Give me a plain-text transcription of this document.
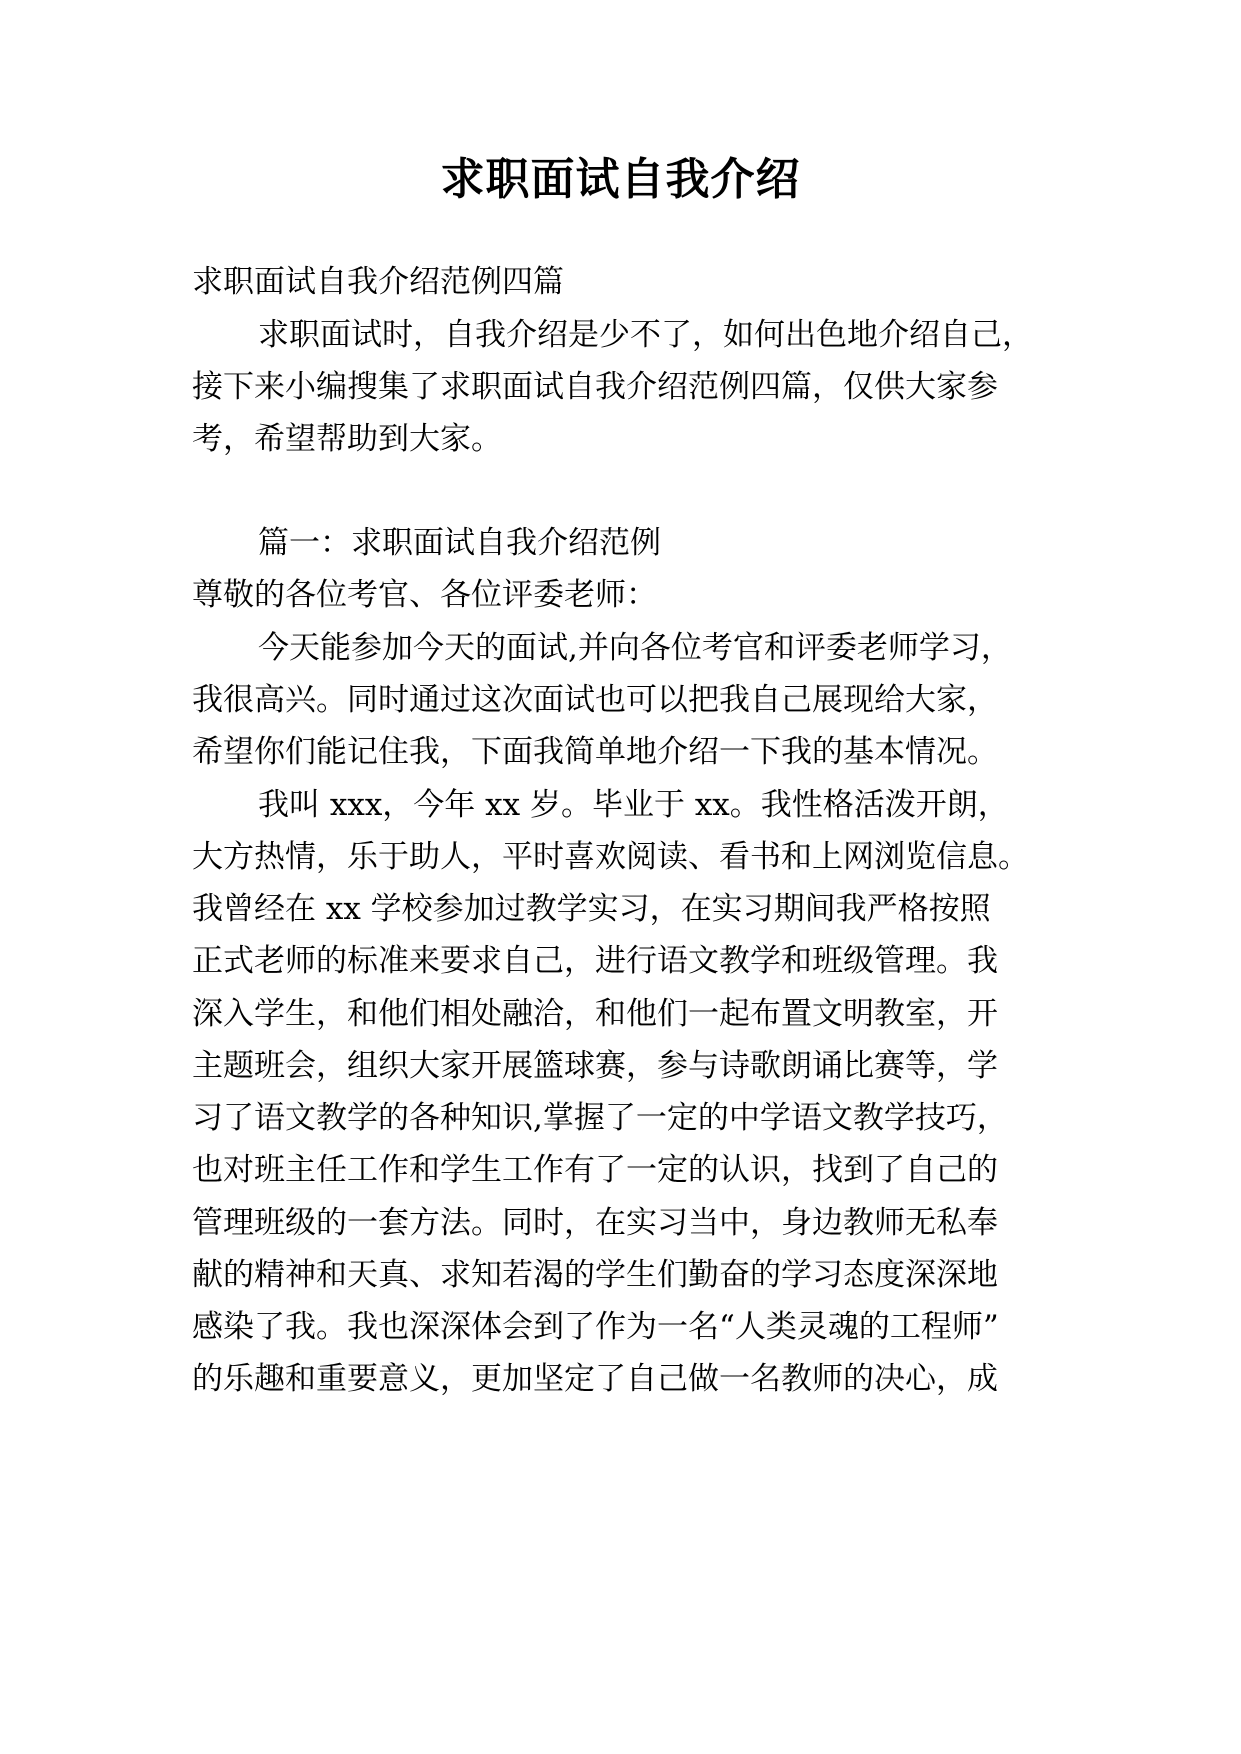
求职面试自我介绍
求职面试自我介绍范例四篇
求职面试时，自我介绍是少不了，如何出色地介绍自己，
接下来小编搜集了求职面试自我介绍范例四篇，仅供大家参
考，希望帮助到大家。
篇一：求职面试自我介绍范例
尊敬的各位考官、各位评委老师：
今天能参加今天的面试,并向各位考官和评委老师学习，
我很高兴。同时通过这次面试也可以把我自己展现给大家，
希望你们能记住我，下面我简单地介绍一下我的基本情况。
我叫 xxx，今年 xx 岁。毕业于 xx。我性格活泼开朗，
大方热情，乐于助人，平时喜欢阅读、看书和上网浏览信息。
我曾经在 xx 学校参加过教学实习，在实习期间我严格按照
正式老师的标准来要求自己，进行语文教学和班级管理。我
深入学生，和他们相处融洽，和他们一起布置文明教室，开
主题班会，组织大家开展篮球赛，参与诗歌朗诵比赛等，学
习了语文教学的各种知识,掌握了一定的中学语文教学技巧，
也对班主任工作和学生工作有了一定的认识，找到了自己的
管理班级的一套方法。同时，在实习当中，身边教师无私奉
献的精神和天真、求知若渴的学生们勤奋的学习态度深深地
感染了我。我也深深体会到了作为一名“人类灵魂的工程师”
的乐趣和重要意义，更加坚定了自己做一名教师的决心，成
